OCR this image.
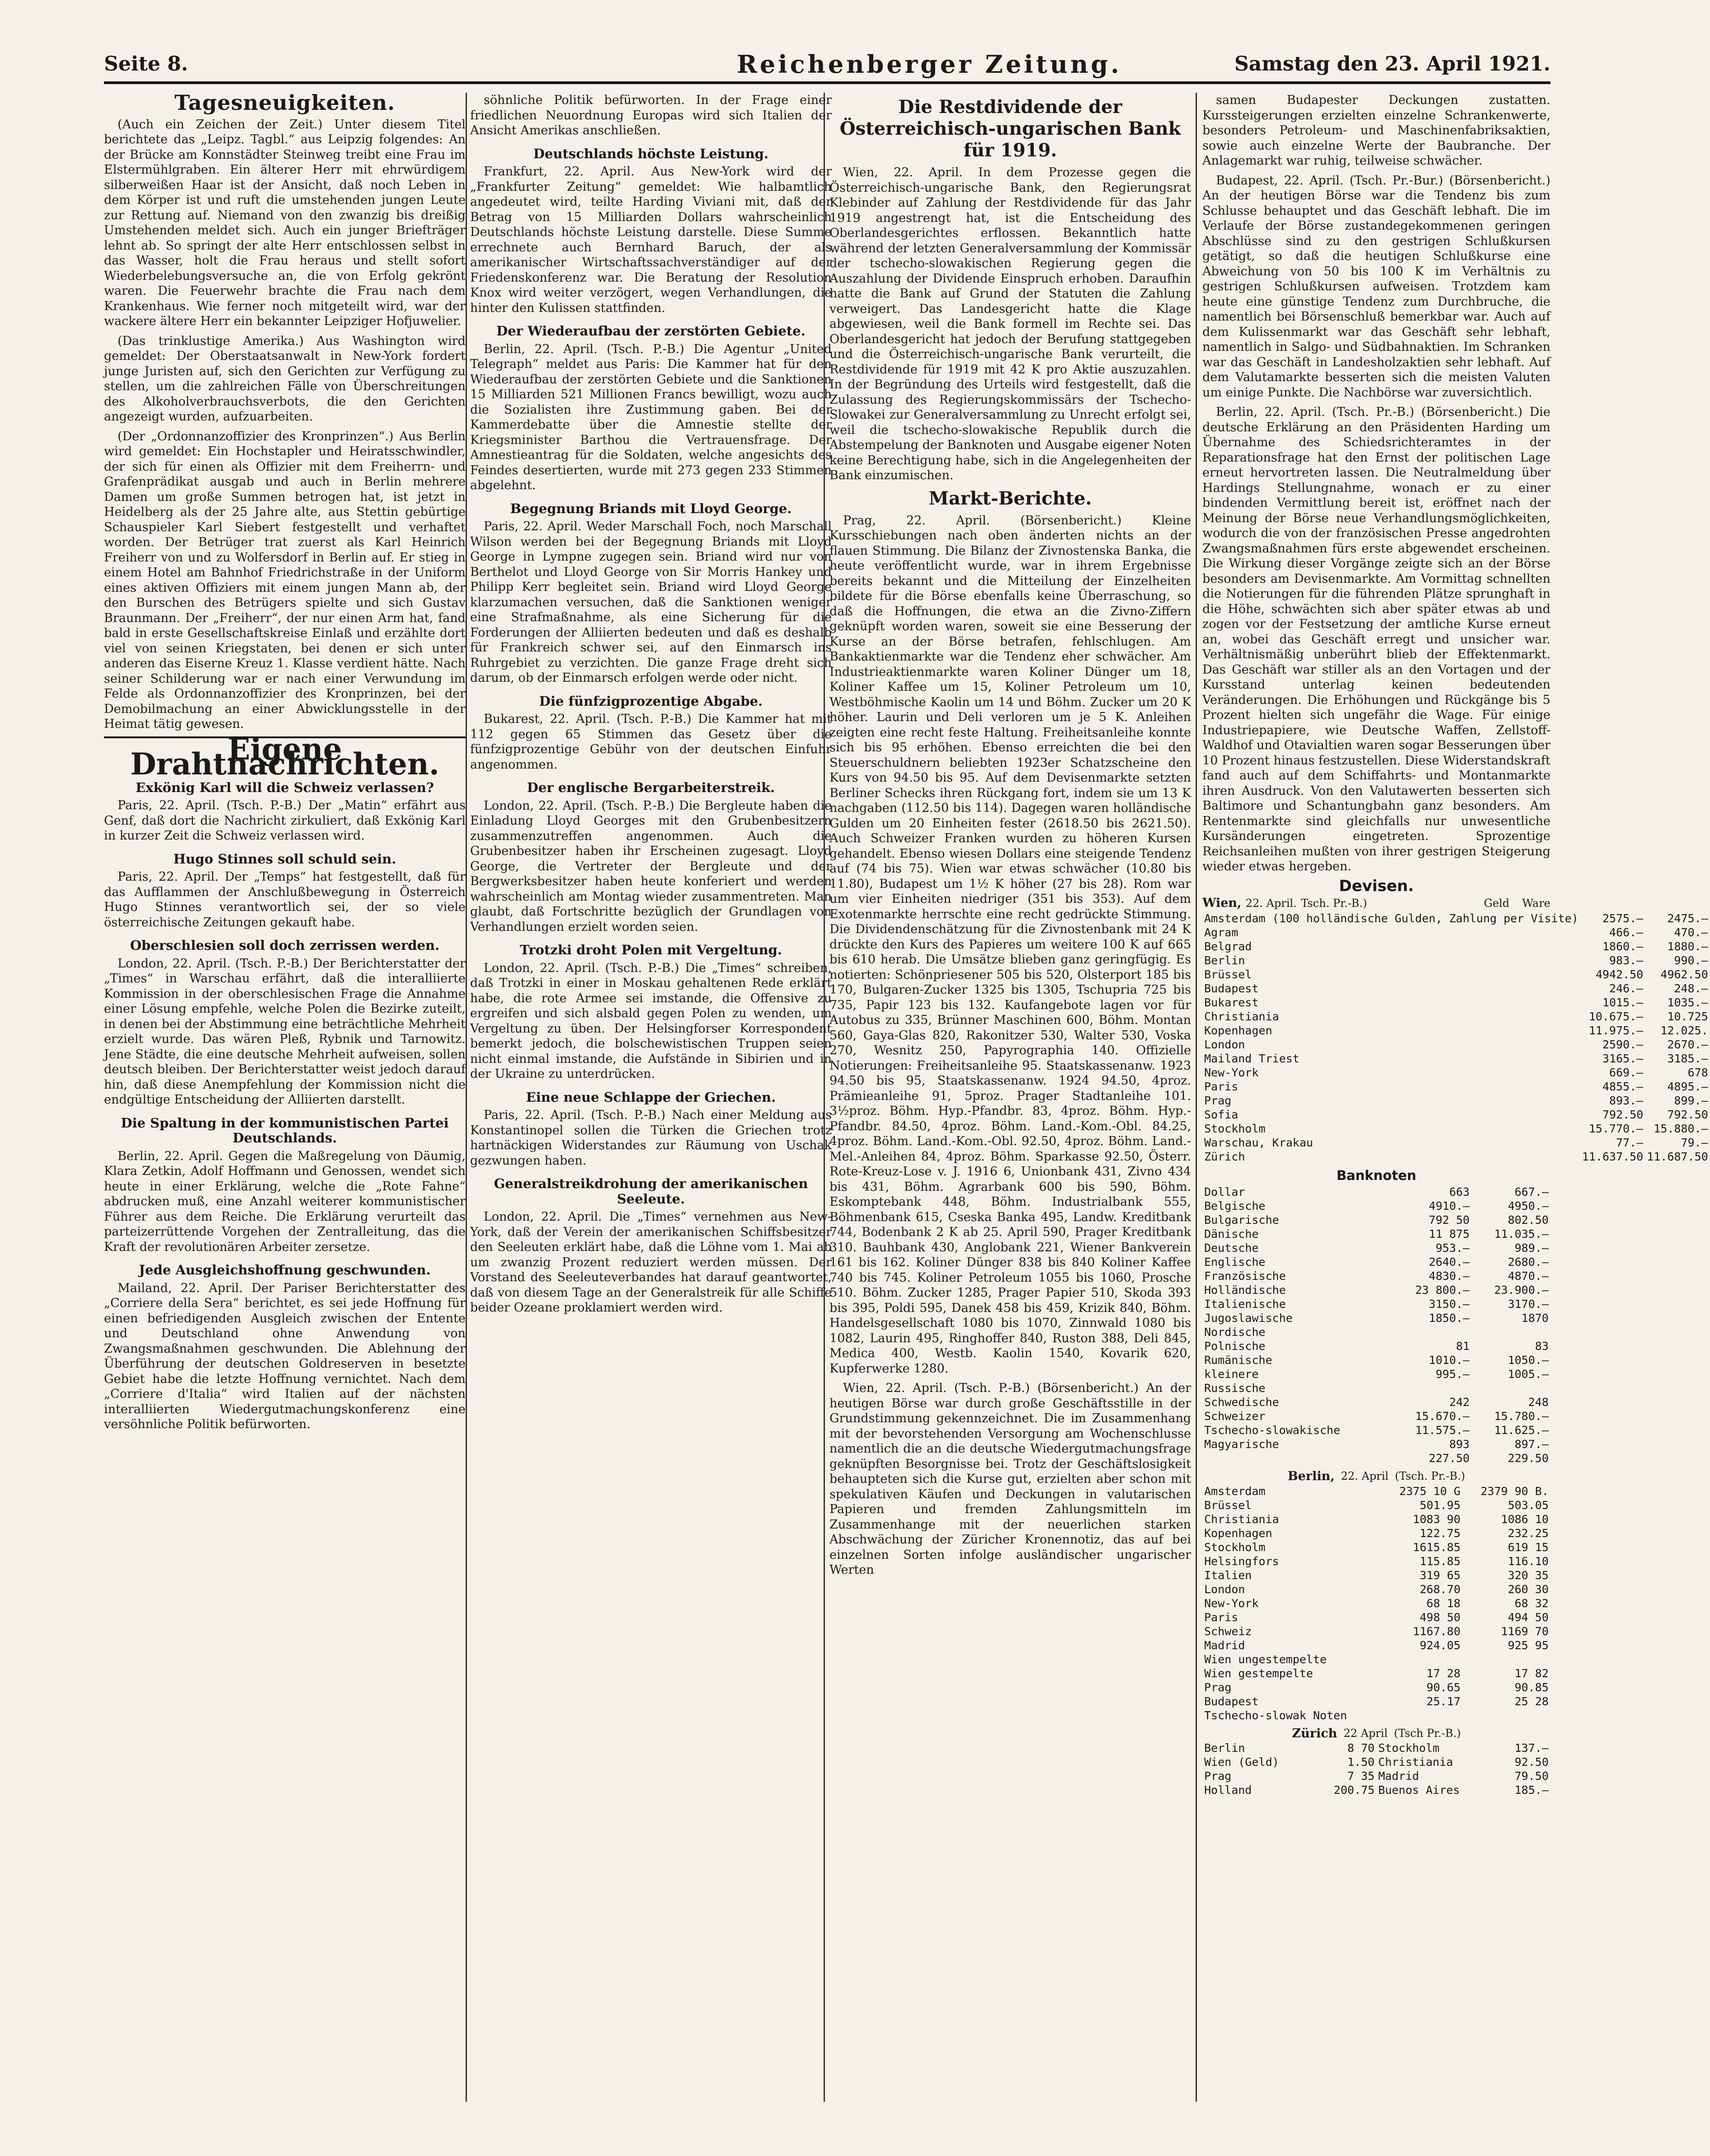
Seite 8.	Reichenberger Zeitung.	Samstag den 23. April 1921.
Tagesneuigkeiten.

(Auch ein Zeichen der Zeit.) Unter diesem Titel berichtete das „Leipz. Tagbl.“ aus Leipzig folgendes: An der Brücke am Konnstädter Steinweg treibt eine Frau im Elstermühlgraben. Ein älterer Herr mit ehrwürdigem silberweißen Haar ist der Ansicht, daß noch Leben in dem Körper ist und ruft die umstehenden jungen Leute zur Rettung auf. Niemand von den zwanzig bis dreißig Umstehenden meldet sich. Auch ein junger Briefträger lehnt ab. So springt der alte Herr entschlossen selbst in das Wasser, holt die Frau heraus und stellt sofort Wiederbelebungsversuche an, die von Erfolg gekrönt waren. Die Feuerwehr brachte die Frau nach dem Krankenhaus. Wie ferner noch mitgeteilt wird, war der wackere ältere Herr ein bekannter Leipziger Hofjuwelier.

(Das trinklustige Amerika.) Aus Washington wird gemeldet: Der Oberstaatsanwalt in New-York fordert junge Juristen auf, sich den Gerichten zur Verfügung zu stellen, um die zahlreichen Fälle von Überschreitungen des Alkoholverbrauchsverbots, die den Gerichten angezeigt wurden, aufzuarbeiten.

(Der „Ordonnanzoffizier des Kronprinzen“.) Aus Berlin wird gemeldet: Ein Hochstapler und Heiratsschwindler, der sich für einen als Offizier mit dem Freiherrn- und Grafenprädikat ausgab und auch in Berlin mehrere Damen um große Summen betrogen hat, ist jetzt in Heidelberg als der 25 Jahre alte, aus Stettin gebürtige Schauspieler Karl Siebert festgestellt und verhaftet worden. Der Betrüger trat zuerst als Karl Heinrich Freiherr von und zu Wolfersdorf in Berlin auf. Er stieg in einem Hotel am Bahnhof Friedrichstraße in der Uniform eines aktiven Offiziers mit einem jungen Mann ab, der den Burschen des Betrügers spielte und sich Gustav Braunmann. Der „Freiherr“, der nur einen Arm hat, fand bald in erste Gesellschaftskreise Einlaß und erzählte dort viel von seinen Kriegstaten, bei denen er sich unter anderen das Eiserne Kreuz 1. Klasse verdient hätte. Nach seiner Schilderung war er nach einer Verwundung im Felde als Ordonnanzoffizier des Kronprinzen, bei der Demobilmachung an einer Abwicklungsstelle in der Heimat tätig gewesen.

Eigene Drahtnachrichten.
Exkönig Karl will die Schweiz verlassen?

Paris, 22. April. (Tsch. P.-B.) Der „Matin“ erfährt aus Genf, daß dort die Nachricht zirkuliert, daß Exkönig Karl in kurzer Zeit die Schweiz verlassen wird.

Hugo Stinnes soll schuld sein.

Paris, 22. April. Der „Temps“ hat festgestellt, daß für das Aufflammen der Anschlußbewegung in Österreich Hugo Stinnes verantwortlich sei, der so viele österreichische Zeitungen gekauft habe.

Oberschlesien soll doch zerrissen werden.

London, 22. April. (Tsch. P.-B.) Der Berichterstatter der „Times“ in Warschau erfährt, daß die interalliierte Kommission in der oberschlesischen Frage die Annahme einer Lösung empfehle, welche Polen die Bezirke zuteilt, in denen bei der Abstimmung eine beträchtliche Mehrheit erzielt wurde. Das wären Pleß, Rybnik und Tarnowitz. Jene Städte, die eine deutsche Mehrheit aufweisen, sollen deutsch bleiben. Der Berichterstatter weist jedoch darauf hin, daß diese Anempfehlung der Kommission nicht die endgültige Entscheidung der Alliierten darstellt.

Die Spaltung in der kommunistischen Partei Deutschlands.

Berlin, 22. April. Gegen die Maßregelung von Däumig, Klara Zetkin, Adolf Hoffmann und Genossen, wendet sich heute in einer Erklärung, welche die „Rote Fahne“ abdrucken muß, eine Anzahl weiterer kommunistischer Führer aus dem Reiche. Die Erklärung verurteilt das parteizerrüttende Vorgehen der Zentralleitung, das die Kraft der revolutionären Arbeiter zersetze.

Jede Ausgleichshoffnung geschwunden.

Mailand, 22. April. Der Pariser Berichterstatter des „Corriere della Sera“ berichtet, es sei jede Hoffnung für einen befriedigenden Ausgleich zwischen der Entente und Deutschland ohne Anwendung von Zwangsmaßnahmen geschwunden. Die Ablehnung der Überführung der deutschen Goldreserven in besetzte Gebiet habe die letzte Hoffnung vernichtet. Nach dem „Corriere d'Italia“ wird Italien auf der nächsten interalliierten Wiedergutmachungskonferenz eine versöhnliche Politik befürworten.

söhnliche Politik befürworten. In der Frage einer friedlichen Neuordnung Europas wird sich Italien der Ansicht Amerikas anschließen.

Deutschlands höchste Leistung.

Frankfurt, 22. April. Aus New-York wird der „Frankfurter Zeitung“ gemeldet: Wie halbamtlich angedeutet wird, teilte Harding Viviani mit, daß der Betrag von 15 Milliarden Dollars wahrscheinlich Deutschlands höchste Leistung darstelle. Diese Summe errechnete auch Bernhard Baruch, der als amerikanischer Wirtschaftssachverständiger auf der Friedenskonferenz war. Die Beratung der Resolution Knox wird weiter verzögert, wegen Verhandlungen, die hinter den Kulissen stattfinden.

Der Wiederaufbau der zerstörten Gebiete.

Berlin, 22. April. (Tsch. P.-B.) Die Agentur „United Telegraph“ meldet aus Paris: Die Kammer hat für den Wiederaufbau der zerstörten Gebiete und die Sanktionen 15 Milliarden 521 Millionen Francs bewilligt, wozu auch die Sozialisten ihre Zustimmung gaben. Bei der Kammerdebatte über die Amnestie stellte der Kriegsminister Barthou die Vertrauensfrage. Der Amnestieantrag für die Soldaten, welche angesichts des Feindes desertierten, wurde mit 273 gegen 233 Stimmen abgelehnt.

Begegnung Briands mit Lloyd George.

Paris, 22. April. Weder Marschall Foch, noch Marschall Wilson werden bei der Begegnung Briands mit Lloyd George in Lympne zugegen sein. Briand wird nur von Berthelot und Lloyd George von Sir Morris Hankey und Philipp Kerr begleitet sein. Briand wird Lloyd George klarzumachen versuchen, daß die Sanktionen weniger eine Strafmaßnahme, als eine Sicherung für die Forderungen der Alliierten bedeuten und daß es deshalb für Frankreich schwer sei, auf den Einmarsch ins Ruhrgebiet zu verzichten. Die ganze Frage dreht sich darum, ob der Einmarsch erfolgen werde oder nicht.

Die fünfzigprozentige Abgabe.

Bukarest, 22. April. (Tsch. P.-B.) Die Kammer hat mit 112 gegen 65 Stimmen das Gesetz über die fünfzigprozentige Gebühr von der deutschen Einfuhr angenommen.

Der englische Bergarbeiterstreik.

London, 22. April. (Tsch. P.-B.) Die Bergleute haben die Einladung Lloyd Georges mit den Grubenbesitzern zusammenzutreffen angenommen. Auch die Grubenbesitzer haben ihr Erscheinen zugesagt. Lloyd George, die Vertreter der Bergleute und der Bergwerksbesitzer haben heute konferiert und werden wahrscheinlich am Montag wieder zusammentreten. Man glaubt, daß Fortschritte bezüglich der Grundlagen von Verhandlungen erzielt worden seien.

Trotzki droht Polen mit Vergeltung.

London, 22. April. (Tsch. P.-B.) Die „Times“ schreiben, daß Trotzki in einer in Moskau gehaltenen Rede erklärt habe, die rote Armee sei imstande, die Offensive zu ergreifen und sich alsbald gegen Polen zu wenden, um Vergeltung zu üben. Der Helsingforser Korrespondent bemerkt jedoch, die bolschewistischen Truppen seien nicht einmal imstande, die Aufstände in Sibirien und in der Ukraine zu unterdrücken.

Eine neue Schlappe der Griechen.

Paris, 22. April. (Tsch. P.-B.) Nach einer Meldung aus Konstantinopel sollen die Türken die Griechen trotz hartnäckigen Widerstandes zur Räumung von Uschak gezwungen haben.

Generalstreikdrohung der amerikanischen Seeleute.

London, 22. April. Die „Times“ vernehmen aus New-York, daß der Verein der amerikanischen Schiffsbesitzer den Seeleuten erklärt habe, daß die Löhne vom 1. Mai ab um zwanzig Prozent reduziert werden müssen. Der Vorstand des Seeleuteverbandes hat darauf geantwortet, daß von diesem Tage an der Generalstreik für alle Schiffe beider Ozeane proklamiert werden wird.

Die Restdividende der Österreichisch-ungarischen Bank für 1919.

Wien, 22. April. In dem Prozesse gegen die Österreichisch-ungarische Bank, den Regierungsrat Klebinder auf Zahlung der Restdividende für das Jahr 1919 angestrengt hat, ist die Entscheidung des Oberlandesgerichtes erflossen. Bekanntlich hatte während der letzten Generalversammlung der Kommissär der tschecho-slowakischen Regierung gegen die Auszahlung der Dividende Einspruch erhoben. Daraufhin hatte die Bank auf Grund der Statuten die Zahlung verweigert. Das Landesgericht hatte die Klage abgewiesen, weil die Bank formell im Rechte sei. Das Oberlandesgericht hat jedoch der Berufung stattgegeben und die Österreichisch-ungarische Bank verurteilt, die Restdividende für 1919 mit 42 K pro Aktie auszuzahlen. In der Begründung des Urteils wird festgestellt, daß die Zulassung des Regierungskommissärs der Tschecho-Slowakei zur Generalversammlung zu Unrecht erfolgt sei, weil die tschecho-slowakische Republik durch die Abstempelung der Banknoten und Ausgabe eigener Noten keine Berechtigung habe, sich in die Angelegenheiten der Bank einzumischen.

Markt-Berichte.

Prag, 22. April. (Börsenbericht.) Kleine Kursschiebungen nach oben änderten nichts an der flauen Stimmung. Die Bilanz der Zivnostenska Banka, die heute veröffentlicht wurde, war in ihrem Ergebnisse bereits bekannt und die Mitteilung der Einzelheiten bildete für die Börse ebenfalls keine Überraschung, so daß die Hoffnungen, die etwa an die Zivno-Ziffern geknüpft worden waren, soweit sie eine Besserung der Kurse an der Börse betrafen, fehlschlugen. Am Bankaktienmarkte war die Tendenz eher schwächer. Am Industrieaktienmarkte waren Koliner Dünger um 18, Koliner Kaffee um 15, Koliner Petroleum um 10, Westböhmische Kaolin um 14 und Böhm. Zucker um 20 K höher. Laurin und Deli verloren um je 5 K. Anleihen zeigten eine recht feste Haltung. Freiheitsanleihe konnte sich bis 95 erhöhen. Ebenso erreichten die bei den Steuerschuldnern beliebten 1923er Schatzscheine den Kurs von 94.50 bis 95. Auf dem Devisenmarkte setzten Berliner Schecks ihren Rückgang fort, indem sie um 13 K nachgaben (112.50 bis 114). Dagegen waren holländische Gulden um 20 Einheiten fester (2618.50 bis 2621.50). Auch Schweizer Franken wurden zu höheren Kursen gehandelt. Ebenso wiesen Dollars eine steigende Tendenz auf (74 bis 75). Wien war etwas schwächer (10.80 bis 11.80), Budapest um 1½ K höher (27 bis 28). Rom war um vier Einheiten niedriger (351 bis 353). Auf dem Exotenmarkte herrschte eine recht gedrückte Stimmung. Die Dividendenschätzung für die Zivnostenbank mit 24 K drückte den Kurs des Papieres um weitere 100 K auf 665 bis 610 herab. Die Umsätze blieben ganz geringfügig. Es notierten: Schönpriesener 505 bis 520, Olsterport 185 bis 170, Bulgaren-Zucker 1325 bis 1305, Tschupria 725 bis 735, Papir 123 bis 132. Kaufangebote lagen vor für Autobus zu 335, Brünner Maschinen 600, Böhm. Montan 560, Gaya-Glas 820, Rakonitzer 530, Walter 530, Voska 270, Wesnitz 250, Papyrographia 140. Offizielle Notierungen: Freiheitsanleihe 95. Staatskassenanw. 1923 94.50 bis 95, Staatskassenanw. 1924 94.50, 4proz. Prämieanleihe 91, 5proz. Prager Stadtanleihe 101. 3½proz. Böhm. Hyp.-Pfandbr. 83, 4proz. Böhm. Hyp.-Pfandbr. 84.50, 4proz. Böhm. Land.-Kom.-Obl. 84.25, 4proz. Böhm. Land.-Kom.-Obl. 92.50, 4proz. Böhm. Land.-Mel.-Anleihen 84, 4proz. Böhm. Sparkasse 92.50, Österr. Rote-Kreuz-Lose v. J. 1916 6, Unionbank 431, Zivno 434 bis 431, Böhm. Agrarbank 600 bis 590, Böhm. Eskomptebank 448, Böhm. Industrialbank 555, Böhmenbank 615, Cseska Banka 495, Landw. Kreditbank 744, Bodenbank 2 K ab 25. April 590, Prager Kreditbank 310. Bauhbank 430, Anglobank 221, Wiener Bankverein 161 bis 162. Koliner Dünger 838 bis 840 Koliner Kaffee 740 bis 745. Koliner Petroleum 1055 bis 1060, Prosche 510. Böhm. Zucker 1285, Prager Papier 510, Skoda 393 bis 395, Poldi 595, Danek 458 bis 459, Krizik 840, Böhm. Handelsgesellschaft 1080 bis 1070, Zinnwald 1080 bis 1082, Laurin 495, Ringhoffer 840, Ruston 388, Deli 845, Medica 400, Westb. Kaolin 1540, Kovarik 620, Kupferwerke 1280.

Wien, 22. April. (Tsch. P.-B.) (Börsenbericht.) An der heutigen Börse war durch große Geschäftsstille in der Grundstimmung gekennzeichnet. Die im Zusammenhang mit der bevorstehenden Versorgung am Wochenschlusse namentlich die an die deutsche Wiedergutmachungsfrage geknüpften Besorgnisse bei. Trotz der Geschäftslosigkeit behaupteten sich die Kurse gut, erzielten aber schon mit spekulativen Käufen und Deckungen in valutarischen Papieren und fremden Zahlungsmitteln im Zusammenhange mit der neuerlichen starken Abschwächung der Züricher Kronennotiz, das auf bei einzelnen Sorten infolge ausländischer ungarischer Werten

samen Budapester Deckungen zustatten. Kurssteigerungen erzielten einzelne Schrankenwerte, besonders Petroleum- und Maschinenfabriksaktien, sowie auch einzelne Werte der Baubranche. Der Anlagemarkt war ruhig, teilweise schwächer.

Budapest, 22. April. (Tsch. Pr.-Bur.) (Börsenbericht.) An der heutigen Börse war die Tendenz bis zum Schlusse behauptet und das Geschäft lebhaft. Die im Verlaufe der Börse zustandegekommenen geringen Abschlüsse sind zu den gestrigen Schlußkursen getätigt, so daß die heutigen Schlußkurse eine Abweichung von 50 bis 100 K im Verhältnis zu gestrigen Schlußkursen aufweisen. Trotzdem kam heute eine günstige Tendenz zum Durchbruche, die namentlich bei Börsenschluß bemerkbar war. Auch auf dem Kulissenmarkt war das Geschäft sehr lebhaft, namentlich in Salgo- und Südbahnaktien. Im Schranken war das Geschäft in Landesholzaktien sehr lebhaft. Auf dem Valutamarkte besserten sich die meisten Valuten um einige Punkte. Die Nachbörse war zuversichtlich.

Berlin, 22. April. (Tsch. Pr.-B.) (Börsenbericht.) Die deutsche Erklärung an den Präsidenten Harding um Übernahme des Schiedsrichteramtes in der Reparationsfrage hat den Ernst der politischen Lage erneut hervortreten lassen. Die Neutralmeldung über Hardings Stellungnahme, wonach er zu einer bindenden Vermittlung bereit ist, eröffnet nach der Meinung der Börse neue Verhandlungsmöglichkeiten, wodurch die von der französischen Presse angedrohten Zwangsmaßnahmen fürs erste abgewendet erscheinen. Die Wirkung dieser Vorgänge zeigte sich an der Börse besonders am Devisenmarkte. Am Vormittag schnellten die Notierungen für die führenden Plätze sprunghaft in die Höhe, schwächten sich aber später etwas ab und zogen vor der Festsetzung der amtliche Kurse erneut an, wobei das Geschäft erregt und unsicher war. Verhältnismäßig unberührt blieb der Effektenmarkt. Das Geschäft war stiller als an den Vortagen und der Kursstand unterlag keinen bedeutenden Veränderungen. Die Erhöhungen und Rückgänge bis 5 Prozent hielten sich ungefähr die Wage. Für einige Industriepapiere, wie Deutsche Waffen, Zellstoff-Waldhof und Otavialtien waren sogar Besserungen über 10 Prozent hinaus festzustellen. Diese Widerstandskraft fand auch auf dem Schiffahrts- und Montanmarkte ihren Ausdruck. Von den Valutawerten besserten sich Baltimore und Schantungbahn ganz besonders. Am Rentenmarkte sind gleichfalls nur unwesentliche Kursänderungen eingetreten. Sprozentige Reichsanleihen mußten von ihrer gestrigen Steigerung wieder etwas hergeben.

Devisen.
Wien, 22. April. Tsch. Pr.-B.)	Geld Ware
Amsterdam (100 holländische Gulden, Zahlung per Visite)	2575.—	2475.—
Agram	466.—	470.—
Belgrad	1860.—	1880.—
Berlin	983.—	990.—
Brüssel	4942.50	4962.50
Budapest	246.—	248.—
Bukarest	1015.—	1035.—
Christiania	10.675.—	10.725
Kopenhagen	11.975.—	12.025.
London	2590.—	2670.—
Mailand Triest	3165.—	3185.—
New-York	669.—	678
Paris	4855.—	4895.—
Prag	893.—	899.—
Sofia	792.50	792.50
Stockholm	15.770.—	15.880.—
Warschau, Krakau	77.—	79.—
Zürich	11.637.50	11.687.50
Banknoten
Dollar	663	667.—
Belgische	4910.—	4950.—
Bulgarische	792 50	802.50
Dänische	11 875	11.035.—
Deutsche	953.—	989.—
Englische	2640.—	2680.—
Französische	4830.—	4870.—
Holländische	23 800.—	23.900.—
Italienische	3150.—	3170.—
Jugoslawische	1850.—	1870
Nordische		
Polnische	81	83
Rumänische	1010.—	1050.—
kleinere	995.—	1005.—
Russische		
Schwedische	242	248
Schweizer	15.670.—	15.780.—
Tschecho-slowakische	11.575.—	11.625.—
Magyarische	893	897.—
	227.50	229.50
Berlin, 22. April (Tsch. Pr.-B.)
Amsterdam	2375 10 G	2379 90 B.
Brüssel	501.95	503.05
Christiania	1083 90	1086 10
Kopenhagen	122.75	232.25
Stockholm	1615.85	619 15
Helsingfors	115.85	116.10
Italien	319 65	320 35
London	268.70	260 30
New-York	68 18	68 32
Paris	498 50	494 50
Schweiz	1167.80	1169 70
Madrid	924.05	925 95
Wien ungestempelte		
Wien gestempelte	17 28	17 82
Prag	90.65	90.85
Budapest	25.17	25 28
Tschecho-slowak Noten		
Zürich 22 April (Tsch Pr.-B.)
Berlin	8 70	Stockholm	137.—
Wien (Geld)	1.50	Christiania	92.50
Prag	7 35	Madrid	79.50
Holland	200.75	Buenos Aires	185.—
